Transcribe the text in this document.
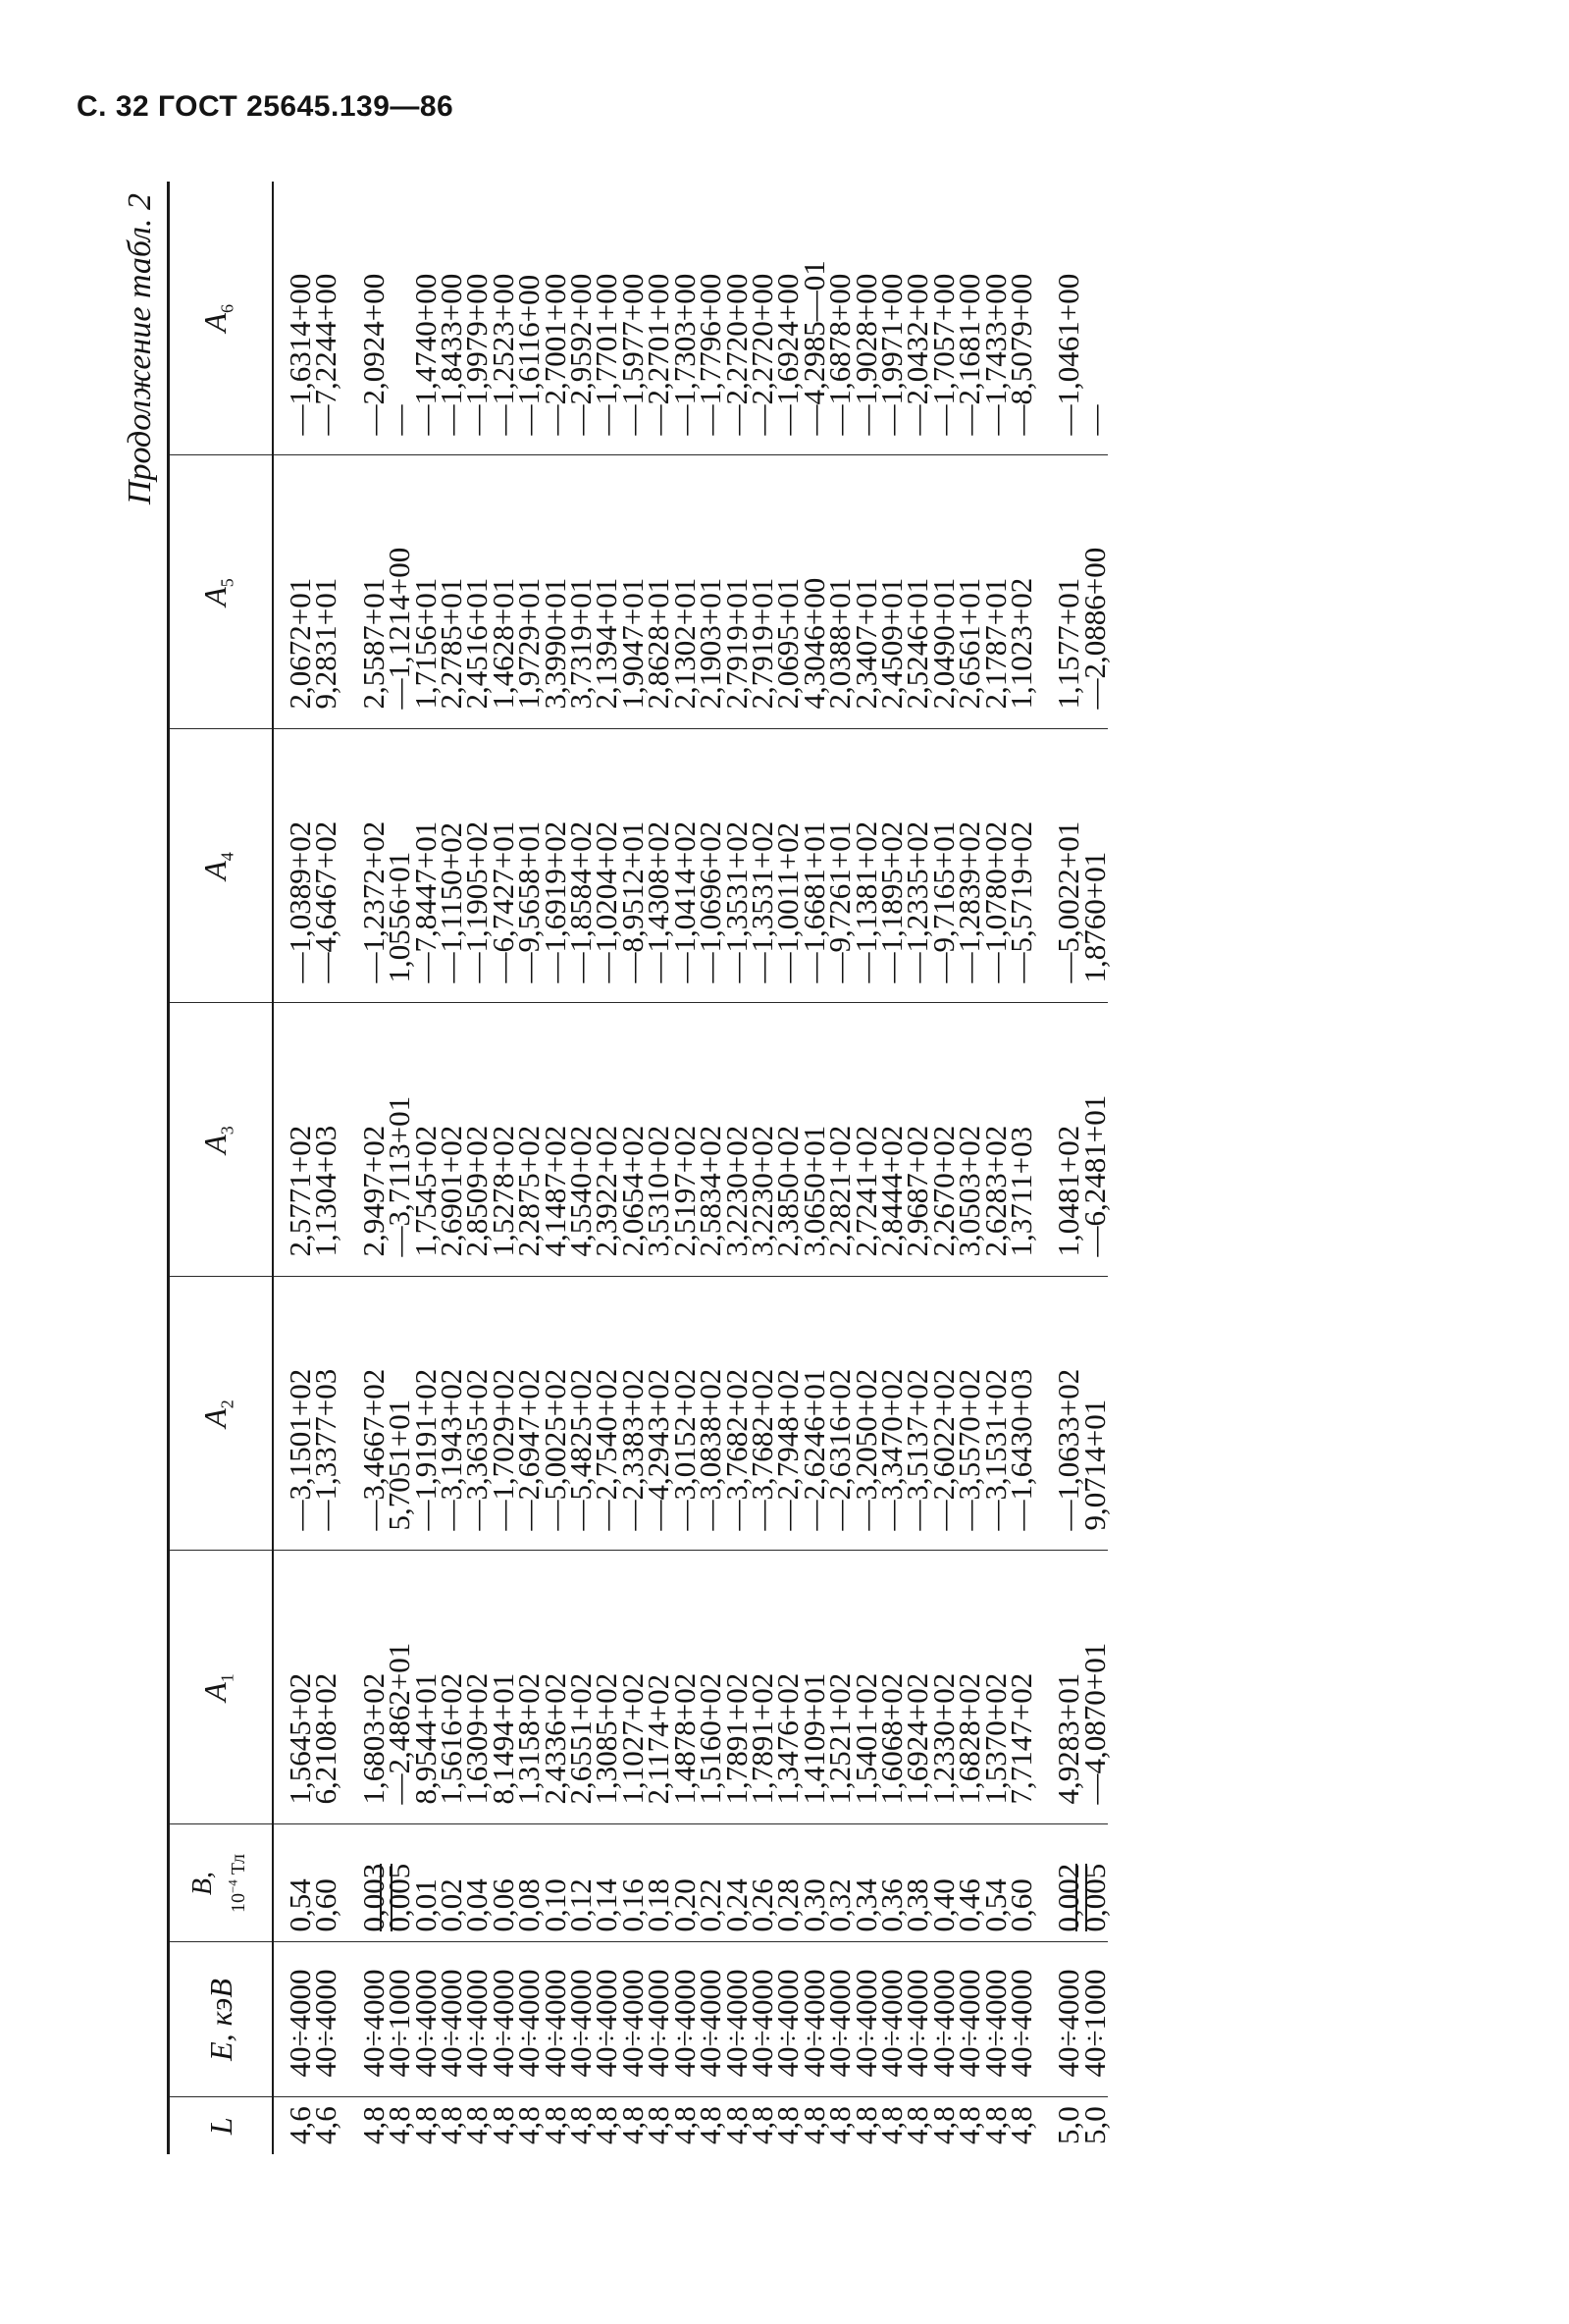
С. 32 ГОСТ 25645.139—86

Продолжение табл. 2

L	E, кэВ	B,
$10^{-4}$ Тл	$A_1$	$A_2$	$A_3$	$A_4$	$A_5$	$A_6$
4,6	40÷4000	0,54	1,5645+02	—3,1501+02	2,5771+02	—1,0389+02	2,0672+01	—1,6314+00
4,6	40÷4000	0,60	6,2108+02	—1,3377+03	1,1304+03	—4,6467+02	9,2831+01	—7,2244+00

4,8	40÷4000	0,003	1,6803+02	—3,4667+02	2,9497+02	—1,2372+02	2,5587+01	—2,0924+00
4,8	40÷1000	0,005	—2,4862+01	5,7051+01	—3,7113+01	1,0556+01	—1,1214+00	—
4,8	40÷4000	0,01	8,9544+01	—1,9191+02	1,7545+02	—7,8447+01	1,7156+01	—1,4740+00
4,8	40÷4000	0,02	1,5616+02	—3,1943+02	2,6901+02	—1,1150+02	2,2785+01	—1,8433+00
4,8	40÷4000	0,04	1,6309+02	—3,3635+02	2,8509+02	—1,1905+02	2,4516+01	—1,9979+00
4,8	40÷4000	0,06	8,1494+01	—1,7029+02	1,5278+02	—6,7427+01	1,4628+01	—1,2523+00
4,8	40÷4000	0,08	1,3158+02	—2,6947+02	2,2875+02	—9,5658+01	1,9729+01	—1,6116+00
4,8	40÷4000	0,10	2,4336+02	—5,0025+02	4,1487+02	—1,6919+02	3,3990+01	—2,7001+00
4,8	40÷4000	0,12	2,6551+02	—5,4825+02	4,5540+02	—1,8584+02	3,7319+01	—2,9592+00
4,8	40÷4000	0,14	1,3085+02	—2,7540+02	2,3922+02	—1,0204+02	2,1394+01	—1,7701+00
4,8	40÷4000	0,16	1,1027+02	—2,3383+02	2,0654+02	—8,9512+01	1,9047+01	—1,5977+00
4,8	40÷4000	0,18	2,1174+02	—4,2943+02	3,5310+02	—1,4308+02	2,8628+01	—2,2701+00
4,8	40÷4000	0,20	1,4878+02	—3,0152+02	2,5197+02	—1,0414+02	2,1302+01	—1,7303+00
4,8	40÷4000	0,22	1,5160+02	—3,0838+02	2,5834+02	—1,0696+02	2,1903+01	—1,7796+00
4,8	40÷4000	0,24	1,7891+02	—3,7682+02	3,2230+02	—1,3531+02	2,7919+01	—2,2720+00
4,8	40÷4000	0,26	1,7891+02	—3,7682+02	3,2230+02	—1,3531+02	2,7919+01	—2,2720+00
4,8	40÷4000	0,28	1,3476+02	—2,7948+02	2,3850+02	—1,0011+02	2,0695+01	—1,6924+00
4,8	40÷4000	0,30	1,4109+01	—2,6246+01	3,0650+01	—1,6681+01	4,3046+00	—4,2985—01
4,8	40÷4000	0,32	1,2521+02	—2,6316+02	2,2821+02	—9,7261+01	2,0388+01	—1,6878+00
4,8	40÷4000	0,34	1,5401+02	—3,2050+02	2,7241+02	—1,1381+02	2,3407+01	—1,9028+00
4,8	40÷4000	0,36	1,6068+02	—3,3470+02	2,8444+02	—1,1895+02	2,4509+01	—1,9971+00
4,8	40÷4000	0,38	1,6924+02	—3,5137+02	2,9687+02	—1,2335+02	2,5246+01	—2,0432+00
4,8	40÷4000	0,40	1,2330+02	—2,6022+02	2,2670+02	—9,7165+01	2,0490+01	—1,7057+00
4,8	40÷4000	0,46	1,6828+02	—3,5570+02	3,0503+02	—1,2839+02	2,6561+01	—2,1681+00
4,8	40÷4000	0,54	1,5370+02	—3,1531+02	2,6283+02	—1,0780+02	2,1787+01	—1,7433+00
4,8	40÷4000	0,60	7,7147+02	—1,6430+03	1,3711+03	—5,5719+02	1,1023+02	—8,5079+00

5,0	40÷4000	0,002	4,9283+01	—1,0633+02	1,0481+02	—5,0022+01	1,1577+01	—1,0461+00
5,0	40÷1000	0,005	—4,0870+01	9,0714+01	—6,2481+01	1,8760+01	—2,0886+00	—
